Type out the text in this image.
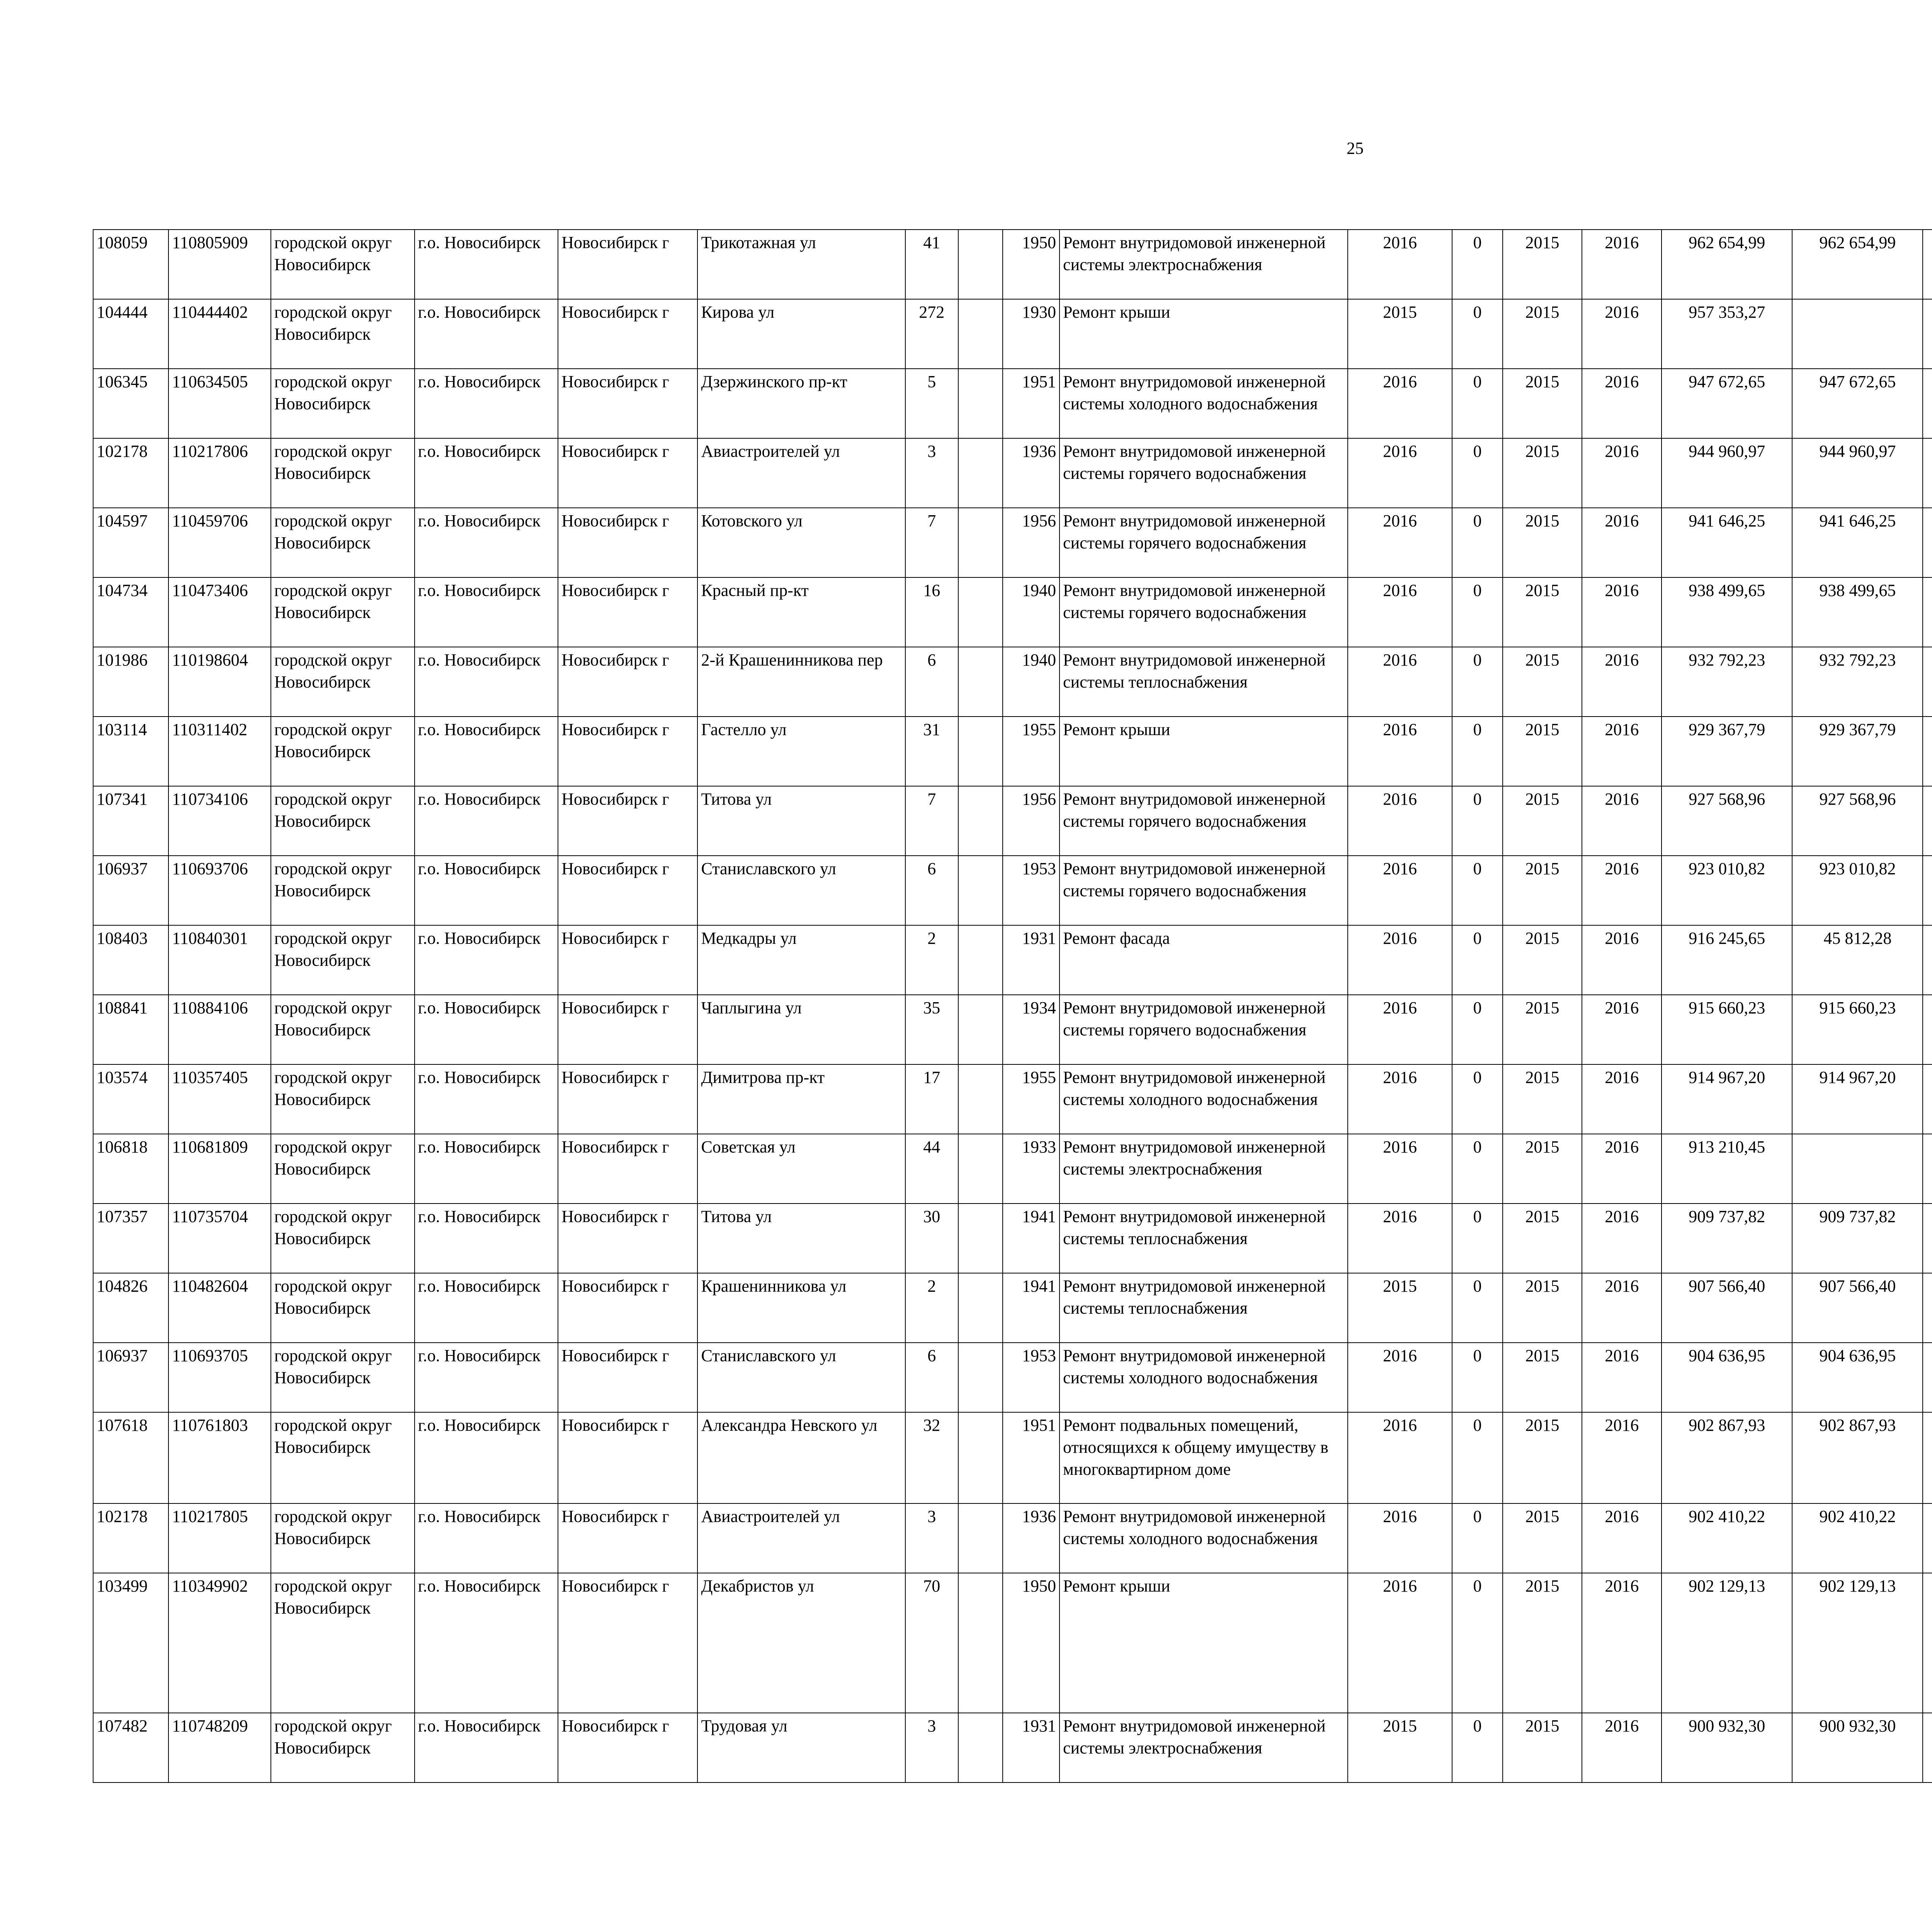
25
108059	110805909	городской округ Новосибирск	г.о. Новосибирск	Новосибирск г	Трикотажная ул	41		1950	Ремонт внутридомовой инженерной системы электроснабжения	2016	0	2015	2016	962 654,99	962 654,99					
104444	110444402	городской округ Новосибирск	г.о. Новосибирск	Новосибирск г	Кирова ул	272		1930	Ремонт крыши	2015	0	2015	2016	957 353,27						
106345	110634505	городской округ Новосибирск	г.о. Новосибирск	Новосибирск г	Дзержинского пр-кт	5		1951	Ремонт внутридомовой инженерной системы холодного водоснабжения	2016	0	2015	2016	947 672,65	947 672,65					
102178	110217806	городской округ Новосибирск	г.о. Новосибирск	Новосибирск г	Авиастроителей ул	3		1936	Ремонт внутридомовой инженерной системы горячего водоснабжения	2016	0	2015	2016	944 960,97	944 960,97					
104597	110459706	городской округ Новосибирск	г.о. Новосибирск	Новосибирск г	Котовского ул	7		1956	Ремонт внутридомовой инженерной системы горячего водоснабжения	2016	0	2015	2016	941 646,25	941 646,25					
104734	110473406	городской округ Новосибирск	г.о. Новосибирск	Новосибирск г	Красный пр-кт	16		1940	Ремонт внутридомовой инженерной системы горячего водоснабжения	2016	0	2015	2016	938 499,65	938 499,65					
101986	110198604	городской округ Новосибирск	г.о. Новосибирск	Новосибирск г	2-й Крашенинникова пер	6		1940	Ремонт внутридомовой инженерной системы теплоснабжения	2016	0	2015	2016	932 792,23	932 792,23					
103114	110311402	городской округ Новосибирск	г.о. Новосибирск	Новосибирск г	Гастелло ул	31		1955	Ремонт крыши	2016	0	2015	2016	929 367,79	929 367,79					
107341	110734106	городской округ Новосибирск	г.о. Новосибирск	Новосибирск г	Титова ул	7		1956	Ремонт внутридомовой инженерной системы горячего водоснабжения	2016	0	2015	2016	927 568,96	927 568,96					
106937	110693706	городской округ Новосибирск	г.о. Новосибирск	Новосибирск г	Станиславского ул	6		1953	Ремонт внутридомовой инженерной системы горячего водоснабжения	2016	0	2015	2016	923 010,82	923 010,82					
108403	110840301	городской округ Новосибирск	г.о. Новосибирск	Новосибирск г	Медкадры ул	2		1931	Ремонт фасада	2016	0	2015	2016	916 245,65	45 812,28					
108841	110884106	городской округ Новосибирск	г.о. Новосибирск	Новосибирск г	Чаплыгина ул	35		1934	Ремонт внутридомовой инженерной системы горячего водоснабжения	2016	0	2015	2016	915 660,23	915 660,23					
103574	110357405	городской округ Новосибирск	г.о. Новосибирск	Новосибирск г	Димитрова пр-кт	17		1955	Ремонт внутридомовой инженерной системы холодного водоснабжения	2016	0	2015	2016	914 967,20	914 967,20					
106818	110681809	городской округ Новосибирск	г.о. Новосибирск	Новосибирск г	Советская ул	44		1933	Ремонт внутридомовой инженерной системы электроснабжения	2016	0	2015	2016	913 210,45						
107357	110735704	городской округ Новосибирск	г.о. Новосибирск	Новосибирск г	Титова ул	30		1941	Ремонт внутридомовой инженерной системы теплоснабжения	2016	0	2015	2016	909 737,82	909 737,82					
104826	110482604	городской округ Новосибирск	г.о. Новосибирск	Новосибирск г	Крашенинникова ул	2		1941	Ремонт внутридомовой инженерной системы теплоснабжения	2015	0	2015	2016	907 566,40	907 566,40					
106937	110693705	городской округ Новосибирск	г.о. Новосибирск	Новосибирск г	Станиславского ул	6		1953	Ремонт внутридомовой инженерной системы холодного водоснабжения	2016	0	2015	2016	904 636,95	904 636,95					
107618	110761803	городской округ Новосибирск	г.о. Новосибирск	Новосибирск г	Александра Невского ул	32		1951	Ремонт подвальных помещений, относящихся к общему имуществу в многоквартирном доме	2016	0	2015	2016	902 867,93	902 867,93					
102178	110217805	городской округ Новосибирск	г.о. Новосибирск	Новосибирск г	Авиастроителей ул	3		1936	Ремонт внутридомовой инженерной системы холодного водоснабжения	2016	0	2015	2016	902 410,22	902 410,22					
103499	110349902	городской округ Новосибирск	г.о. Новосибирск	Новосибирск г	Декабристов ул	70		1950	Ремонт крыши	2016	0	2015	2016	902 129,13	902 129,13					
107482	110748209	городской округ Новосибирск	г.о. Новосибирск	Новосибирск г	Трудовая ул	3		1931	Ремонт внутридомовой инженерной системы электроснабжения	2015	0	2015	2016	900 932,30	900 932,30					
